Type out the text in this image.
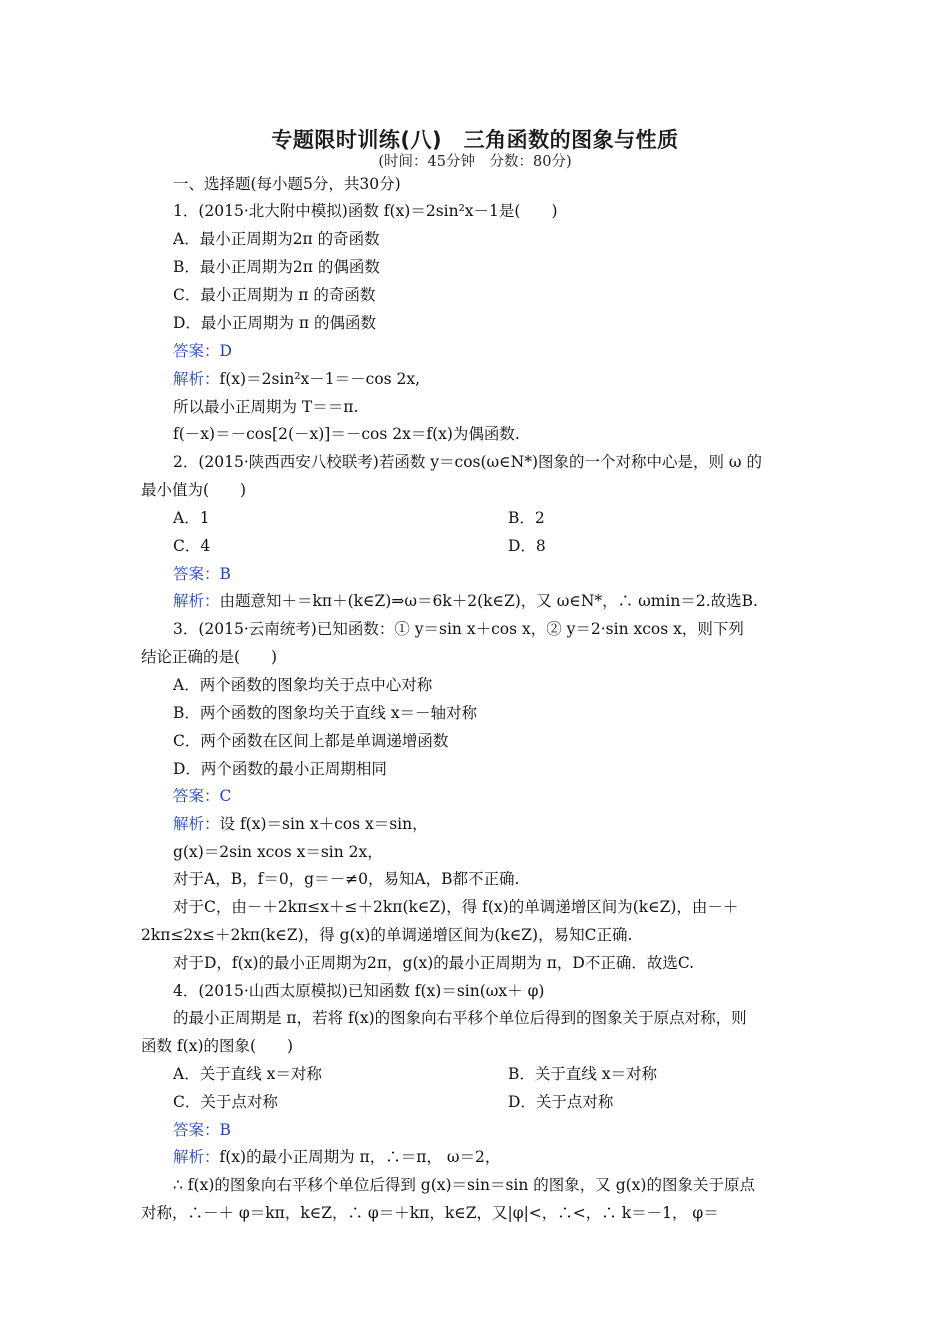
专题限时训练(八)　三角函数的图象与性质
(时间：45分钟　分数：80分)
一、选择题(每小题5分，共30分)
1．(2015·北大附中模拟)函数 f(x)＝2sin²x－1是(　　)
A．最小正周期为2π 的奇函数
B．最小正周期为2π 的偶函数
C．最小正周期为 π 的奇函数
D．最小正周期为 π 的偶函数
答案：D
解析：f(x)＝2sin²x－1＝－cos 2x,
所以最小正周期为 T＝＝π.
f(－x)＝－cos[2(－x)]＝－cos 2x＝f(x)为偶函数.
2．(2015·陕西西安八校联考)若函数 y＝cos(ω∈N*)图象的一个对称中心是，则 ω 的
最小值为(　　)
A．1	B．2
C．4	D．8
答案：B
解析：由题意知＋＝kπ＋(k∈Z)⇒ω＝6k＋2(k∈Z)，又 ω∈N*，∴ ωmin＝2.故选B.
3．(2015·云南统考)已知函数：① y＝sin x＋cos x，② y＝2·sin xcos x，则下列
结论正确的是(　　)
A．两个函数的图象均关于点中心对称
B．两个函数的图象均关于直线 x＝－轴对称
C．两个函数在区间上都是单调递增函数
D．两个函数的最小正周期相同
答案：C
解析：设 f(x)＝sin x＋cos x＝sin，
g(x)＝2sin xcos x＝sin 2x，
对于A，B，f＝0，g＝－≠0，易知A，B都不正确.
对于C，由－＋2kπ≤x＋≤＋2kπ(k∈Z)，得 f(x)的单调递增区间为(k∈Z)，由－＋
2kπ≤2x≤＋2kπ(k∈Z)，得 g(x)的单调递增区间为(k∈Z)，易知C正确.
对于D，f(x)的最小正周期为2π，g(x)的最小正周期为 π，D不正确．故选C.
4．(2015·山西太原模拟)已知函数 f(x)＝sin(ωx＋ φ)
的最小正周期是 π，若将 f(x)的图象向右平移个单位后得到的图象关于原点对称，则
函数 f(x)的图象(　　)
A．关于直线 x＝对称	B．关于直线 x＝对称
C．关于点对称	D．关于点对称
答案：B
解析：f(x)的最小正周期为 π，∴＝π， ω＝2，
∴ f(x)的图象向右平移个单位后得到 g(x)＝sin＝sin 的图象，又 g(x)的图象关于原点
对称，∴－＋ φ＝kπ，k∈Z，∴ φ＝＋kπ，k∈Z，又|φ|<，∴<，∴ k＝－1， φ＝
